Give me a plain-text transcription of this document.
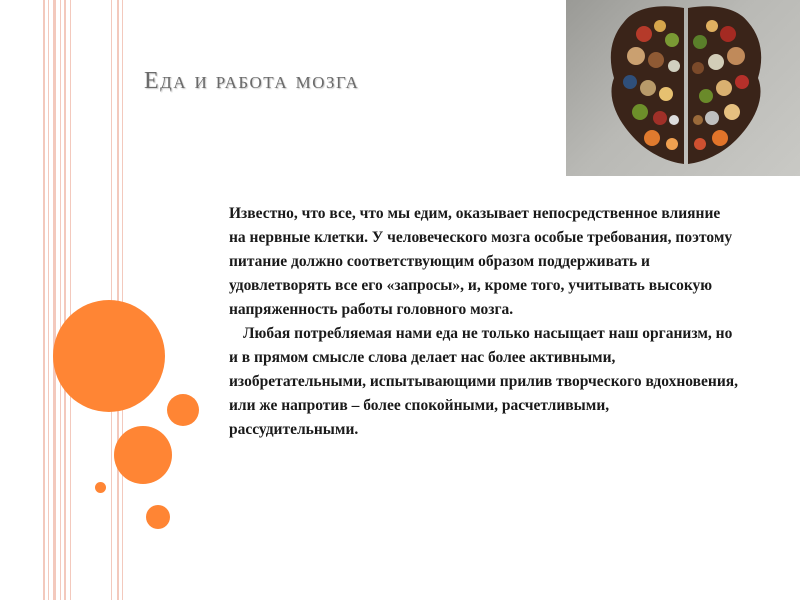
Еда и работа мозга

Известно, что все, что мы едим, оказывает непосредственное влияние на нервные клетки. У человеческого мозга особые требования, поэтому питание должно соответствующим образом поддерживать и удовлетворять все его «запросы», и, кроме того, учитывать высокую напряженность работы головного мозга.

Любая потребляемая нами еда не только насыщает наш организм, но и в прямом смысле слова делает нас более активными, изобретательными, испытывающими прилив творческого вдохновения, или же напротив – более спокойными, расчетливыми, рассудительными.
